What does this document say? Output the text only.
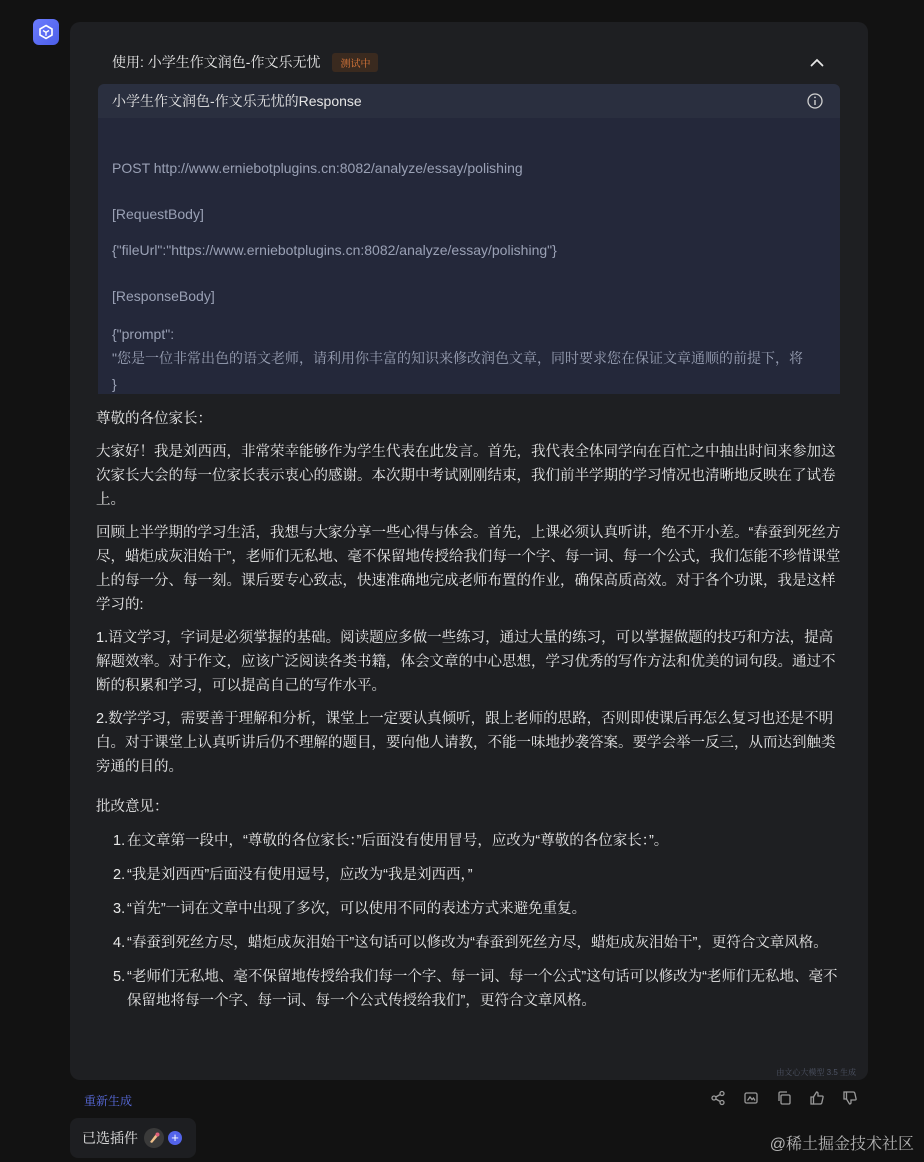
使用: 小学生作文润色-作文乐无忧	测试中
小学生作文润色-作文乐无忧的Response
POST http://www.erniebotplugins.cn:8082/analyze/essay/polishing
[RequestBody]
{"fileUrl":"https://www.erniebotplugins.cn:8082/analyze/essay/polishing"}
[ResponseBody]
{"prompt":
"您是一位非常出色的语文老师，请利用你丰富的知识来修改润色文章，同时要求您在保证文章通顺的前提下，将
}

尊敬的各位家长：

大家好！我是刘西西，非常荣幸能够作为学生代表在此发言。首先，我代表全体同学向在百忙之中抽出时间来参加这次家长大会的每一位家长表示衷心的感谢。本次期中考试刚刚结束，我们前半学期的学习情况也清晰地反映在了试卷上。

回顾上半学期的学习生活，我想与大家分享一些心得与体会。首先，上课必须认真听讲，绝不开小差。“春蚕到死丝方尽，蜡炬成灰泪始干”，老师们无私地、毫不保留地传授给我们每一个字、每一词、每一个公式，我们怎能不珍惜课堂上的每一分、每一刻。课后要专心致志，快速准确地完成老师布置的作业，确保高质高效。对于各个功课，我是这样学习的:

1.语文学习，字词是必须掌握的基础。阅读题应多做一些练习，通过大量的练习，可以掌握做题的技巧和方法，提高解题效率。对于作文，应该广泛阅读各类书籍，体会文章的中心思想，学习优秀的写作方法和优美的词句段。通过不断的积累和学习，可以提高自己的写作水平。

2.数学学习，需要善于理解和分析，课堂上一定要认真倾听，跟上老师的思路，否则即使课后再怎么复习也还是不明白。对于课堂上认真听讲后仍不理解的题目，要向他人请教，不能一味地抄袭答案。要学会举一反三，从而达到触类旁通的目的。

批改意见：

1. 在文章第一段中，“尊敬的各位家长：”后面没有使用冒号，应改为“尊敬的各位家长：”。
2. “我是刘西西”后面没有使用逗号，应改为“我是刘西西，”
3. “首先”一词在文章中出现了多次，可以使用不同的表述方式来避免重复。
4. “春蚕到死丝方尽，蜡炬成灰泪始干”这句话可以修改为“春蚕到死丝方尽，蜡炬成灰泪始干”，更符合文章风格。
5. “老师们无私地、毫不保留地传授给我们每一个字、每一词、每一个公式”这句话可以修改为“老师们无私地、毫不保留地将每一个字、每一词、每一个公式传授给我们”，更符合文章风格。
由文心大模型 3.5 生成
重新生成
已选插件	+	@稀土掘金技术社区
